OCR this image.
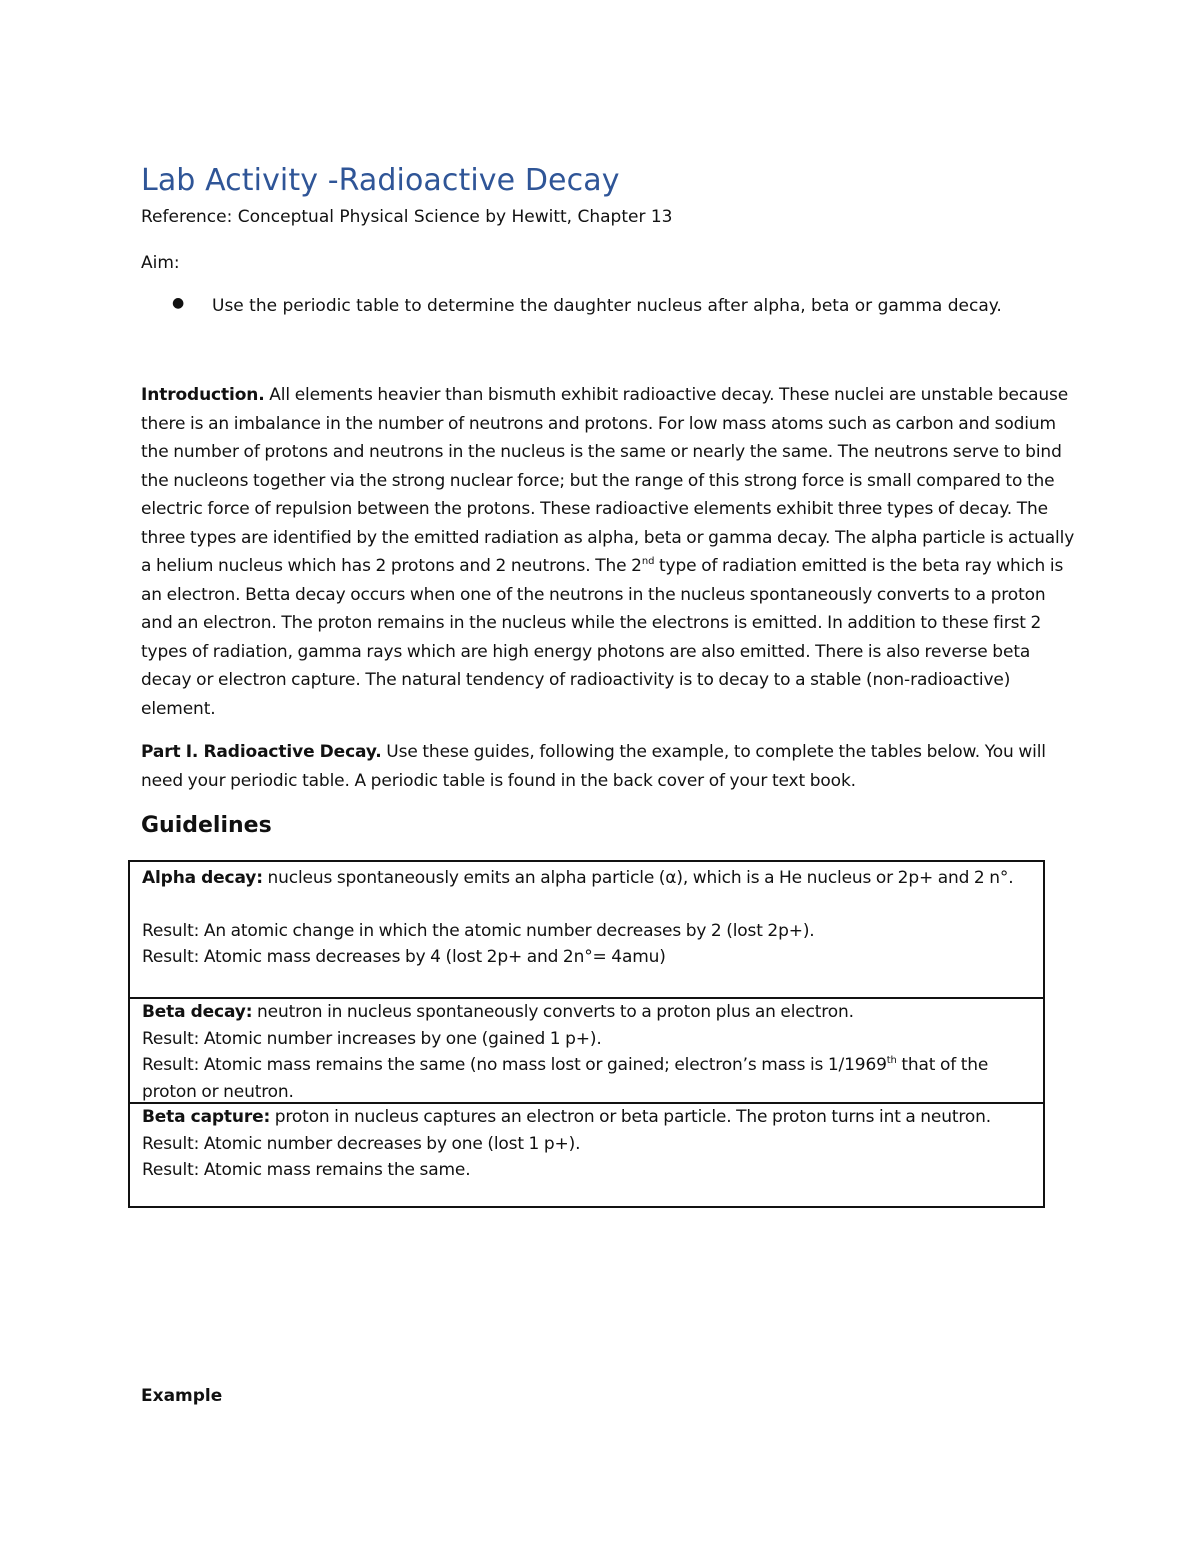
Lab Activity -Radioactive Decay
Reference: Conceptual Physical Science by Hewitt, Chapter 13
Aim:
● Use the periodic table to determine the daughter nucleus after alpha, beta or gamma decay.

Introduction. All elements heavier than bismuth exhibit radioactive decay. These nuclei are unstable because there is an imbalance in the number of neutrons and protons. For low mass atoms such as carbon and sodium the number of protons and neutrons in the nucleus is the same or nearly the same. The neutrons serve to bind the nucleons together via the strong nuclear force; but the range of this strong force is small compared to the electric force of repulsion between the protons. These radioactive elements exhibit three types of decay. The three types are identified by the emitted radiation as alpha, beta or gamma decay. The alpha particle is actually a helium nucleus which has 2 protons and 2 neutrons. The 2nd type of radiation emitted is the beta ray which is an electron. Betta decay occurs when one of the neutrons in the nucleus spontaneously converts to a proton and an electron. The proton remains in the nucleus while the electrons is emitted. In addition to these first 2 types of radiation, gamma rays which are high energy photons are also emitted. There is also reverse beta decay or electron capture. The natural tendency of radioactivity is to decay to a stable (non-radioactive) element.

Part I. Radioactive Decay. Use these guides, following the example, to complete the tables below. You will need your periodic table. A periodic table is found in the back cover of your text book.

Guidelines

Alpha decay: nucleus spontaneously emits an alpha particle (α), which is a He nucleus or 2p+ and 2 n°.

Result: An atomic change in which the atomic number decreases by 2 (lost 2p+).

Result: Atomic mass decreases by 4 (lost 2p+ and 2n°= 4amu)

Beta decay: neutron in nucleus spontaneously converts to a proton plus an electron.

Result: Atomic number increases by one (gained 1 p+).

Result: Atomic mass remains the same (no mass lost or gained; electron’s mass is 1/1969th that of the proton or neutron.

Beta capture: proton in nucleus captures an electron or beta particle. The proton turns int a neutron.

Result: Atomic number decreases by one (lost 1 p+).

Result: Atomic mass remains the same.

Example
